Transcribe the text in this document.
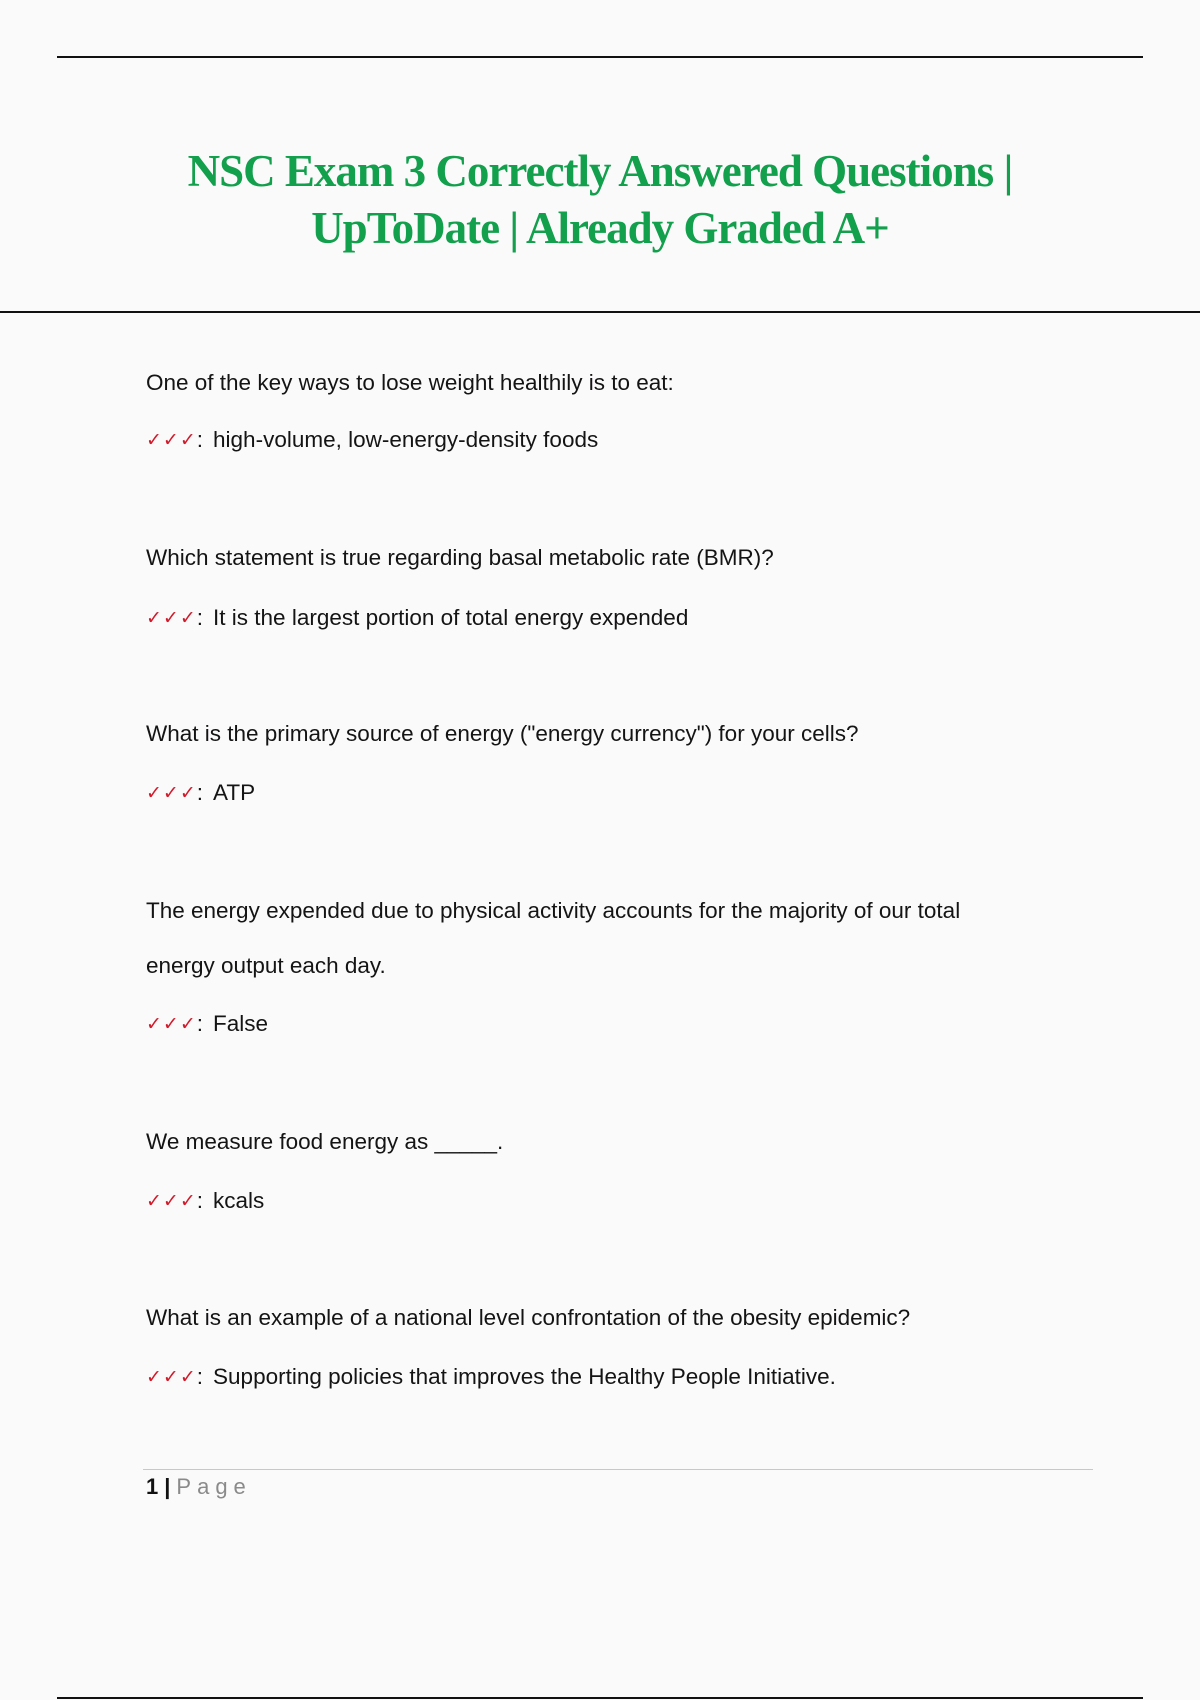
NSC Exam 3 Correctly Answered Questions |
UpToDate | Already Graded A+

One of the key ways to lose weight healthily is to eat:

✓✓✓: high-volume, low-energy-density foods

Which statement is true regarding basal metabolic rate (BMR)?

✓✓✓: It is the largest portion of total energy expended

What is the primary source of energy ("energy currency") for your cells?

✓✓✓: ATP

The energy expended due to physical activity accounts for the majority of our total

energy output each day.

✓✓✓: False

We measure food energy as _____.

✓✓✓: kcals

What is an example of a national level confrontation of the obesity epidemic?

✓✓✓: Supporting policies that improves the Healthy People Initiative.

1 | Page
